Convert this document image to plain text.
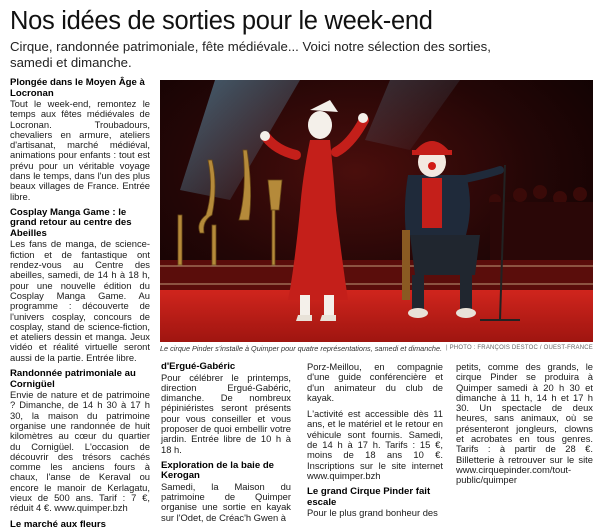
Nos idées de sorties pour le week-end
Cirque, randonnée patrimoniale, fête médiévale... Voici notre sélection des sorties, samedi et dimanche.
Plongée dans le Moyen Âge à Locronan

Tout le week-end, remontez le temps aux fêtes médiévales de Locronan. Troubadours, chevaliers en armure, ateliers d'artisanat, marché médiéval, animations pour enfants : tout est prévu pour un véritable voyage dans le temps, dans l'un des plus beaux villages de France. Entrée libre.

Cosplay Manga Game : le grand retour au centre des Abeilles

Les fans de manga, de science-fiction et de fantastique ont rendez-vous au Centre des abeilles, samedi, de 14 h à 18 h, pour une nouvelle édition du Cosplay Manga Game. Au programme : découverte de l'univers cosplay, concours de cosplay, stand de science-fiction, et ateliers dessin et manga. Jeux vidéo et réalité virtuelle seront aussi de la partie. Entrée libre.

Randonnée patrimoniale au Cornigüel

Envie de nature et de patrimoine ? Dimanche, de 14 h 30 à 17 h 30, la maison du patrimoine organise une randonnée de huit kilomètres au cœur du quartier du Cornigüel. L'occasion de découvrir des trésors cachés comme les anciens fours à chaux, l'anse de Keraval ou encore le manoir de Kerlagatu, vieux de 500 ans. Tarif : 7 €, réduit 4 €. www.quimper.bzh

Le marché aux fleurs
Le cirque Pinder s'installe à Quimper pour quatre représentations, samedi et dimanche. | PHOTO : FRANÇOIS DESTOC / OUEST-FRANCE
d'Ergué-Gabéric

Pour célébrer le printemps, direction Ergué-Gabéric, dimanche. De nombreux pépiniéristes seront présents pour vous conseiller et vous proposer de quoi embellir votre jardin. Entrée libre de 10 h à 18 h.

Exploration de la baie de Kerogan

Samedi, la Maison du patrimoine de Quimper organise une sortie en kayak sur l'Odet, de Créac'h Gwen à

Porz-Meillou, en compagnie d'une guide conférencière et d'un animateur du club de kayak.

L'activité est accessible dès 11 ans, et le matériel et le retour en véhicule sont fournis. Samedi, de 14 h à 17 h. Tarifs : 15 €, moins de 18 ans 10 €. Inscriptions sur le site internet www.quimper.bzh

Le grand Cirque Pinder fait escale

Pour le plus grand bonheur des

petits, comme des grands, le cirque Pinder se produira à Quimper samedi à 20 h 30 et dimanche à 11 h, 14 h et 17 h 30. Un spectacle de deux heures, sans animaux, où se présenteront jongleurs, clowns et acrobates en tous genres. Tarifs : à partir de 28 €. Billetterie à retrouver sur le site www.cirquepinder.com/tout-public/quimper
